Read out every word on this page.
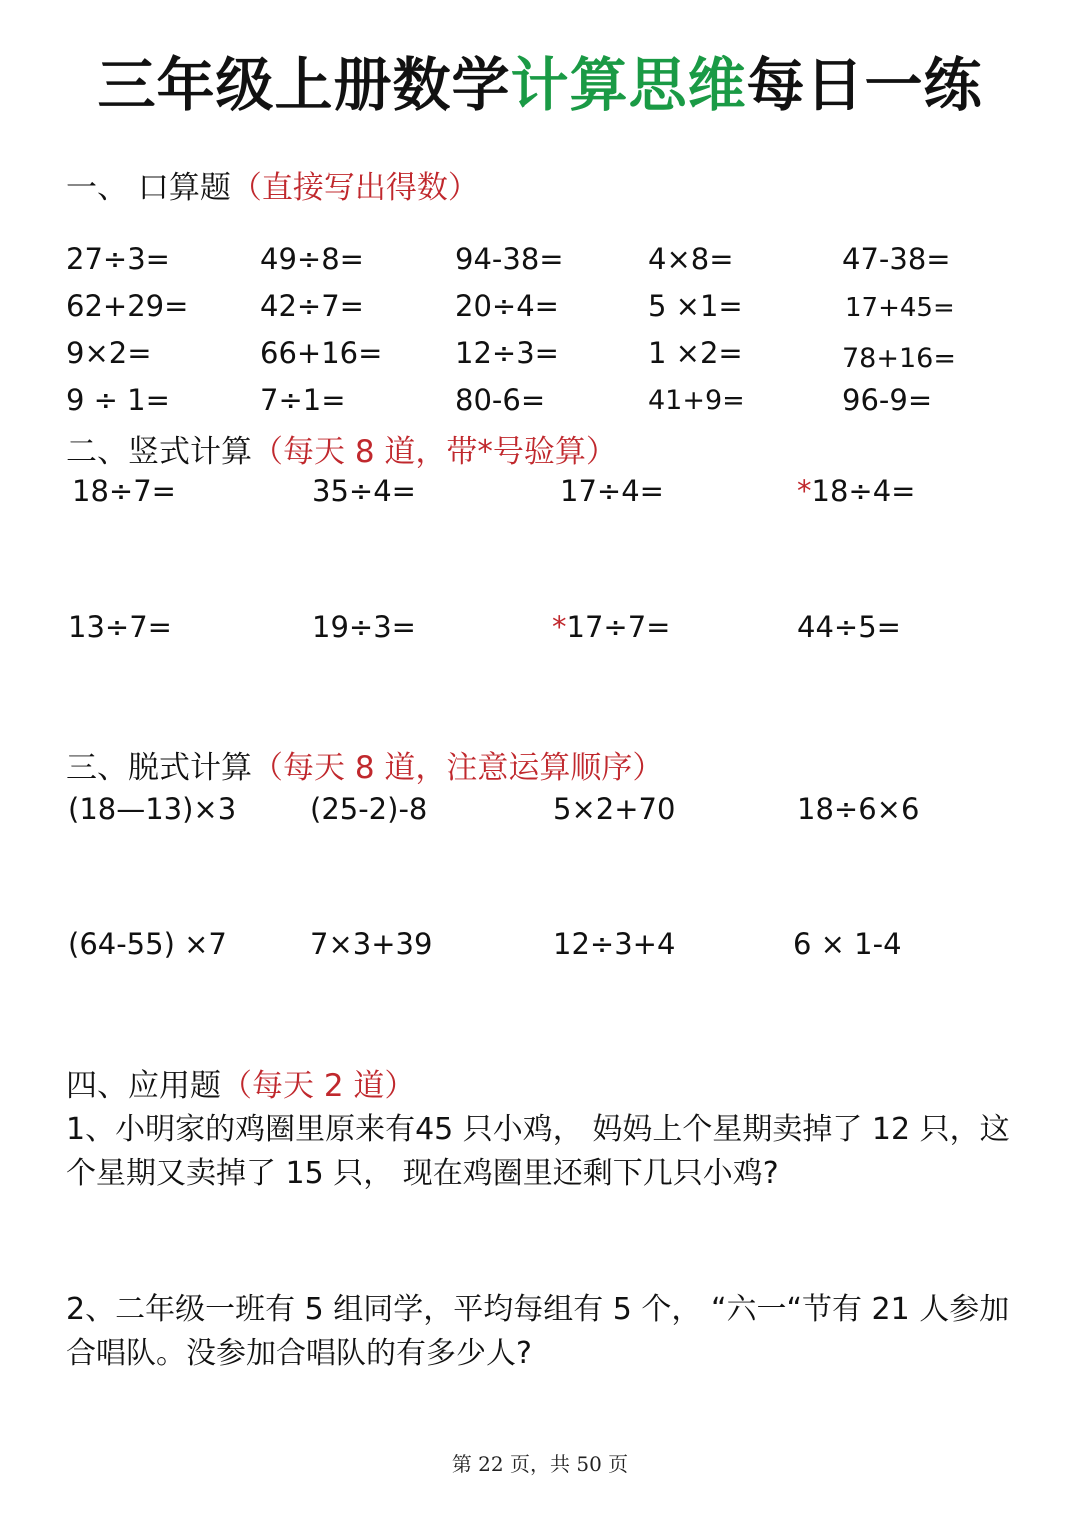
三年级上册数学计算思维每日一练
一、 口算题（直接写出得数）
27÷3=	49÷8=	94-38=	4×8=	47-38=
62+29= 42÷7=	20÷4=	5 ×1=	17+45=
9×2=	66+16=	12÷3=	1 ×2=	78+16=
9 ÷ 1=	7÷1=	80-6=	41+9=	96-9=
二、竖式计算（每天 8 道，带*号验算）
18÷7=	35÷4=	17÷4=	*18÷4=
13÷7=	19÷3=	*17÷7=	44÷5=
三、脱式计算（每天 8 道，注意运算顺序）
(18—13)×3	(25-2)-8	5×2+70	18÷6×6
(64-55) ×7	7×3+39	12÷3+4	6 × 1-4
四、应用题（每天 2 道）
1、小明家的鸡圈里原来有45 只小鸡， 妈妈上个星期卖掉了 12 只，这个星期又卖掉了 15 只， 现在鸡圈里还剩下几只小鸡?
2、二年级一班有 5 组同学，平均每组有 5 个， “六一“节有 21 人参加合唱队。没参加合唱队的有多少人?
第 22 页，共 50 页
